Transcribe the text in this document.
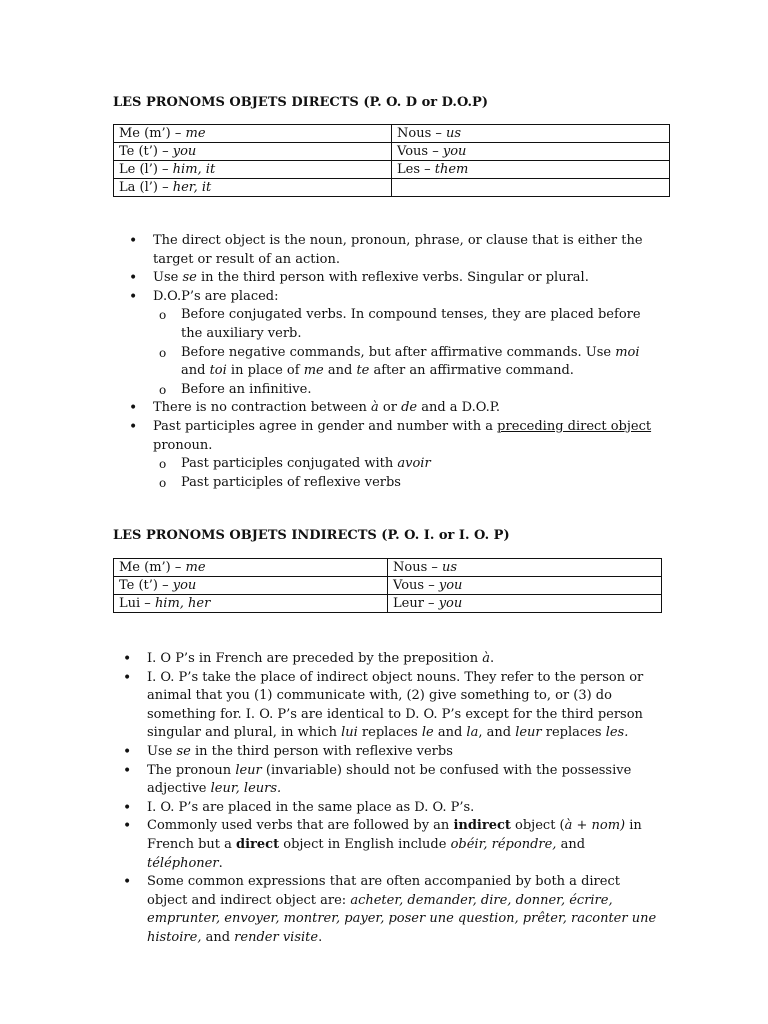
LES PRONOMS OBJETS DIRECTS (P. O. D or D.O.P)
Me (m’) – me	Nous – us
Te (t’) – you	Vous – you
Le (l’) – him, it	Les – them
La (l’) – her, it	
• The direct object is the noun, pronoun, phrase, or clause that is either the target or result of an action.
• Use se in the third person with reflexive verbs. Singular or plural.
• D.O.P’s are placed:
o Before conjugated verbs. In compound tenses, they are placed before the auxiliary verb.
o Before negative commands, but after affirmative commands. Use moi and toi in place of me and te after an affirmative command.
o Before an infinitive.
• There is no contraction between à or de and a D.O.P.
• Past participles agree in gender and number with a preceding direct object pronoun.
o Past participles conjugated with avoir
o Past participles of reflexive verbs
LES PRONOMS OBJETS INDIRECTS (P. O. I. or I. O. P)
Me (m’) – me	Nous – us
Te (t’) – you	Vous – you
Lui – him, her	Leur – you
• I. O P’s in French are preceded by the preposition à.
• I. O. P’s take the place of indirect object nouns. They refer to the person or animal that you (1) communicate with, (2) give something to, or (3) do something for. I. O. P’s are identical to D. O. P’s except for the third person singular and plural, in which lui replaces le and la, and leur replaces les.
• Use se in the third person with reflexive verbs
• The pronoun leur (invariable) should not be confused with the possessive adjective leur, leurs.
• I. O. P’s are placed in the same place as D. O. P’s.
• Commonly used verbs that are followed by an indirect object (à + nom) in French but a direct object in English include obéir, répondre, and téléphoner.
• Some common expressions that are often accompanied by both a direct object and indirect object are: acheter, demander, dire, donner, écrire, emprunter, envoyer, montrer, payer, poser une question, prêter, raconter une histoire, and render visite.
